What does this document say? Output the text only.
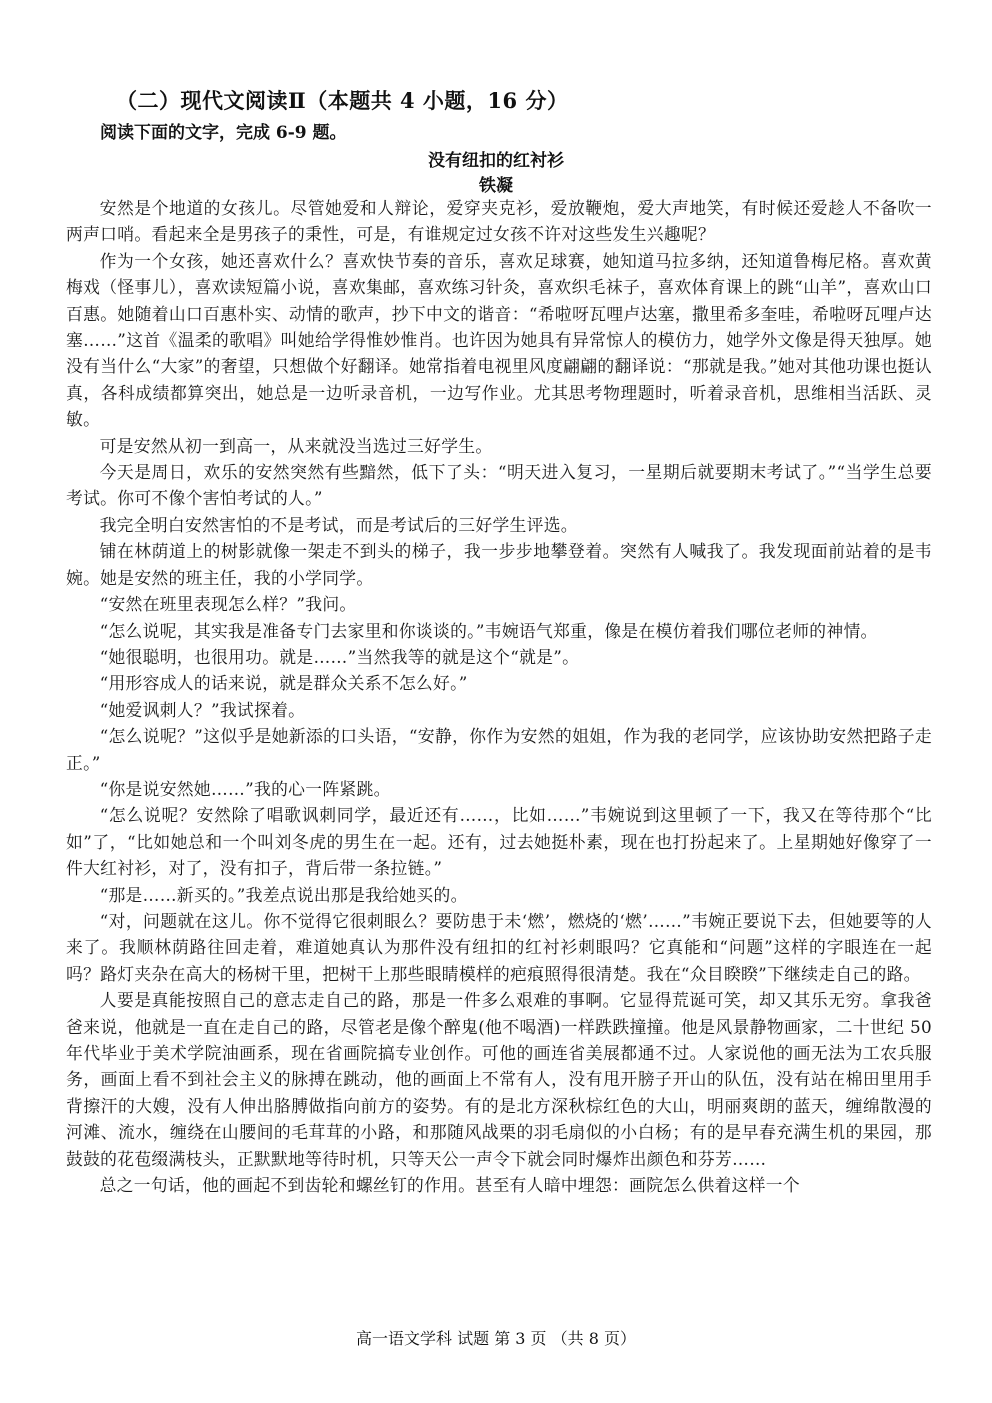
（二）现代文阅读Ⅱ（本题共 4 小题，16 分）
阅读下面的文字，完成 6-9 题。
没有纽扣的红衬衫
铁凝

安然是个地道的女孩儿。尽管她爱和人辩论，爱穿夹克衫，爱放鞭炮，爱大声地笑，有时候还爱趁人不备吹一两声口哨。看起来全是男孩子的秉性，可是，有谁规定过女孩不许对这些发生兴趣呢？

作为一个女孩，她还喜欢什么？喜欢快节奏的音乐，喜欢足球赛，她知道马拉多纳，还知道鲁梅尼格。喜欢黄梅戏（怪事儿），喜欢读短篇小说，喜欢集邮，喜欢练习针灸，喜欢织毛袜子，喜欢体育课上的跳“山羊”，喜欢山口百惠。她随着山口百惠朴实、动情的歌声，抄下中文的谐音：“希啦呀瓦哩卢达塞，撒里希多奎哇，希啦呀瓦哩卢达塞……”这首《温柔的歌唱》叫她给学得惟妙惟肖。也许因为她具有异常惊人的模仿力，她学外文像是得天独厚。她没有当什么“大家”的奢望，只想做个好翻译。她常指着电视里风度翩翩的翻译说：“那就是我。”她对其他功课也挺认真，各科成绩都算突出，她总是一边听录音机，一边写作业。尤其思考物理题时，听着录音机，思维相当活跃、灵敏。

可是安然从初一到高一，从来就没当选过三好学生。

今天是周日，欢乐的安然突然有些黯然，低下了头：“明天进入复习，一星期后就要期末考试了。”“当学生总要考试。你可不像个害怕考试的人。”

我完全明白安然害怕的不是考试，而是考试后的三好学生评选。

铺在林荫道上的树影就像一架走不到头的梯子，我一步步地攀登着。突然有人喊我了。我发现面前站着的是韦婉。她是安然的班主任，我的小学同学。

“安然在班里表现怎么样？”我问。

“怎么说呢，其实我是准备专门去家里和你谈谈的。”韦婉语气郑重，像是在模仿着我们哪位老师的神情。

“她很聪明，也很用功。就是……”当然我等的就是这个“就是”。

“用形容成人的话来说，就是群众关系不怎么好。”

“她爱讽刺人？”我试探着。

“怎么说呢？”这似乎是她新添的口头语，“安静，你作为安然的姐姐，作为我的老同学，应该协助安然把路子走正。”

“你是说安然她……”我的心一阵紧跳。

“怎么说呢？安然除了唱歌讽刺同学，最近还有……，比如……”韦婉说到这里顿了一下，我又在等待那个“比如”了，“比如她总和一个叫刘冬虎的男生在一起。还有，过去她挺朴素，现在也打扮起来了。上星期她好像穿了一件大红衬衫，对了，没有扣子，背后带一条拉链。”

“那是……新买的。”我差点说出那是我给她买的。

“对，问题就在这儿。你不觉得它很刺眼么？要防患于未‘燃’，燃烧的‘燃’……”韦婉正要说下去，但她要等的人来了。我顺林荫路往回走着，难道她真认为那件没有纽扣的红衬衫刺眼吗？它真能和“问题”这样的字眼连在一起吗？路灯夹杂在高大的杨树干里，把树干上那些眼睛模样的疤痕照得很清楚。我在“众目睽睽”下继续走自己的路。

人要是真能按照自己的意志走自己的路，那是一件多么艰难的事啊。它显得荒诞可笑，却又其乐无穷。拿我爸爸来说，他就是一直在走自己的路，尽管老是像个醉鬼(他不喝酒)一样跌跌撞撞。他是风景静物画家，二十世纪 50 年代毕业于美术学院油画系，现在省画院搞专业创作。可他的画连省美展都通不过。人家说他的画无法为工农兵服务，画面上看不到社会主义的脉搏在跳动，他的画面上不常有人，没有甩开膀子开山的队伍，没有站在棉田里用手背擦汗的大嫂，没有人伸出胳膊做指向前方的姿势。有的是北方深秋棕红色的大山，明丽爽朗的蓝天，缠绵散漫的河滩、流水，缠绕在山腰间的毛茸茸的小路，和那随风战栗的羽毛扇似的小白杨；有的是早春充满生机的果园，那鼓鼓的花苞缀满枝头，正默默地等待时机，只等天公一声令下就会同时爆炸出颜色和芬芳……

总之一句话，他的画起不到齿轮和螺丝钉的作用。甚至有人暗中埋怨：画院怎么供着这样一个

高一语文学科 试题 第 3 页 （共 8 页）
